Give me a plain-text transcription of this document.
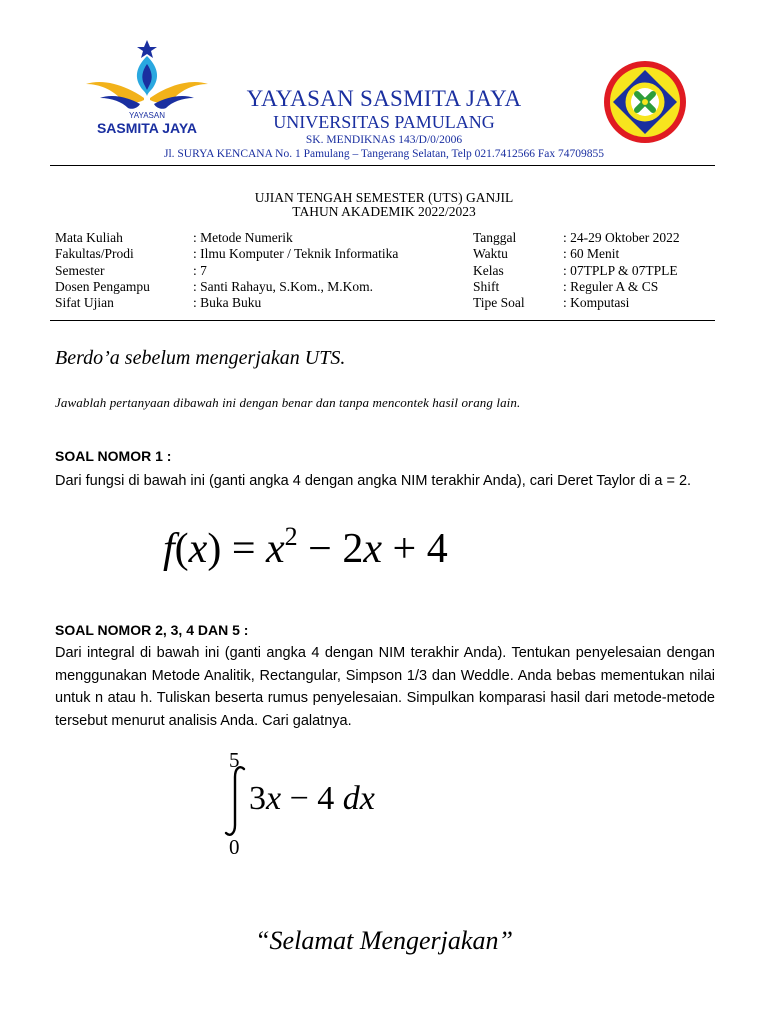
YAYASAN
SASMITA JAYA
YAYASAN SASMITA JAYA
UNIVERSITAS PAMULANG
SK. MENDIKNAS 143/D/0/2006
Jl. SURYA KENCANA No. 1 Pamulang – Tangerang Selatan, Telp 021.7412566 Fax 74709855
UJIAN TENGAH SEMESTER (UTS) GANJIL
TAHUN AKADEMIK 2022/2023
Mata Kuliah
Fakultas/Prodi
Semester
Dosen Pengampu
Sifat Ujian
: Metode Numerik
: Ilmu Komputer / Teknik Informatika
: 7
: Santi Rahayu, S.Kom., M.Kom.
: Buka Buku
Tanggal
Waktu
Kelas
Shift
Tipe Soal
: 24-29 Oktober 2022
: 60 Menit
: 07TPLP & 07TPLE
: Reguler A & CS
: Komputasi
Berdo’a sebelum mengerjakan UTS.
Jawablah pertanyaan dibawah ini dengan benar dan tanpa mencontek hasil orang lain.
SOAL NOMOR 1 :
Dari fungsi di bawah ini (ganti angka 4 dengan angka NIM terakhir Anda), cari Deret Taylor di a = 2.
$f(x) = x^2 - 2x + 4$
SOAL NOMOR 2, 3, 4 DAN 5 :
Dari integral di bawah ini (ganti angka 4 dengan NIM terakhir Anda). Tentukan penyelesaian dengan menggunakan Metode Analitik, Rectangular, Simpson 1/3 dan Weddle. Anda bebas mementukan nilai untuk n atau h. Tuliskan beserta rumus penyelesaian. Simpulkan komparasi hasil dari metode-metode tersebut menurut analisis Anda. Cari galatnya.
5
0
3x − 4 dx
“Selamat Mengerjakan”
